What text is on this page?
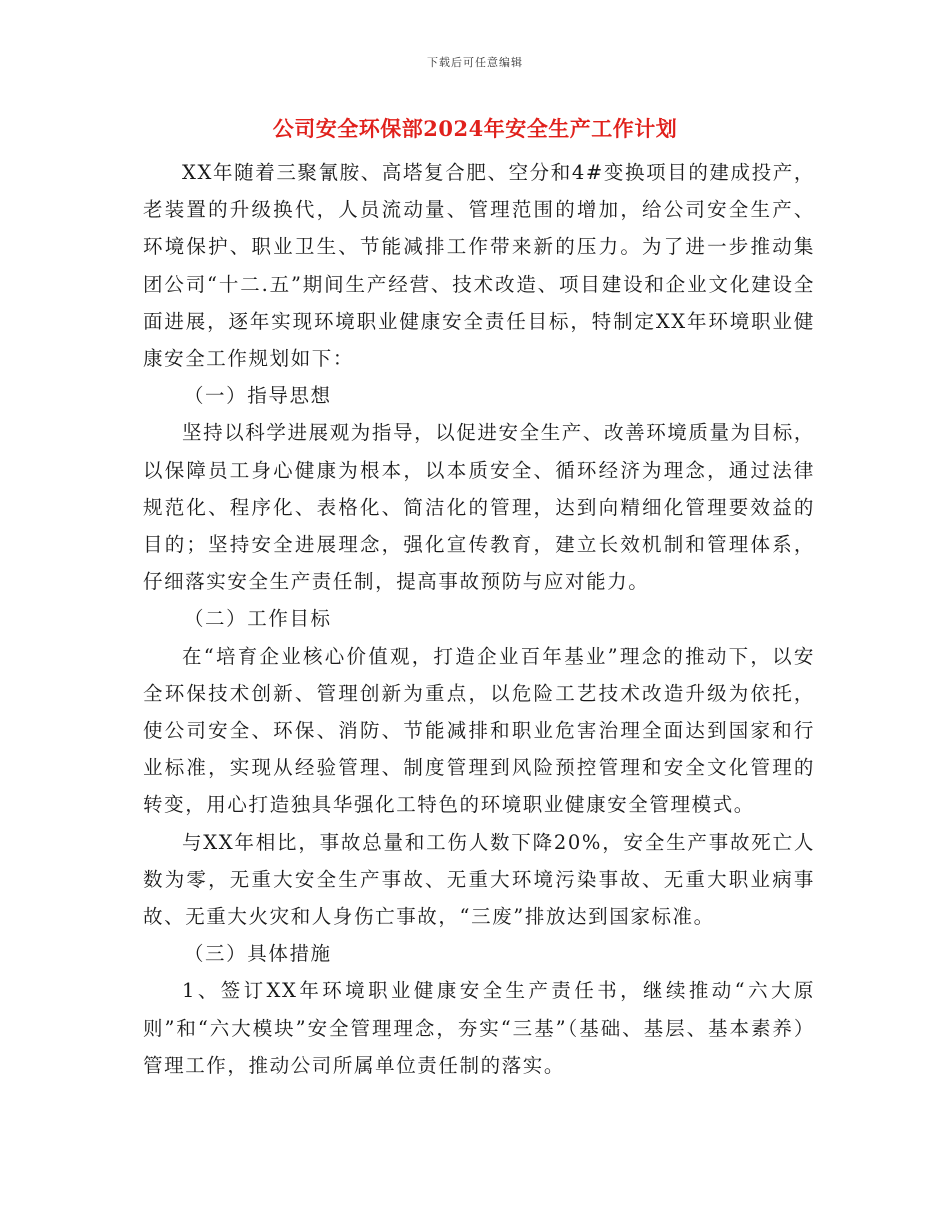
下载后可任意编辑
公司安全环保部2024年安全生产工作计划

XX年随着三聚氰胺、高塔复合肥、空分和4#变换项目的建成投产，老装置的升级换代，人员流动量、管理范围的增加，给公司安全生产、环境保护、职业卫生、节能减排工作带来新的压力。为了进一步推动集团公司“十二.五”期间生产经营、技术改造、项目建设和企业文化建设全面进展，逐年实现环境职业健康安全责任目标，特制定XX年环境职业健康安全工作规划如下：

（一）指导思想

坚持以科学进展观为指导，以促进安全生产、改善环境质量为目标，以保障员工身心健康为根本，以本质安全、循环经济为理念，通过法律规范化、程序化、表格化、简洁化的管理，达到向精细化管理要效益的目的；坚持安全进展理念，强化宣传教育，建立长效机制和管理体系，仔细落实安全生产责任制，提高事故预防与应对能力。

（二）工作目标

在“培育企业核心价值观，打造企业百年基业”理念的推动下，以安全环保技术创新、管理创新为重点，以危险工艺技术改造升级为依托，使公司安全、环保、消防、节能减排和职业危害治理全面达到国家和行业标准，实现从经验管理、制度管理到风险预控管理和安全文化管理的转变，用心打造独具华强化工特色的环境职业健康安全管理模式。

与XX年相比，事故总量和工伤人数下降20%，安全生产事故死亡人数为零，无重大安全生产事故、无重大环境污染事故、无重大职业病事故、无重大火灾和人身伤亡事故，“三废”排放达到国家标准。

（三）具体措施

1、签订XX年环境职业健康安全生产责任书，继续推动“六大原则”和“六大模块”安全管理理念，夯实“三基”（基础、基层、基本素养）管理工作，推动公司所属单位责任制的落实。
